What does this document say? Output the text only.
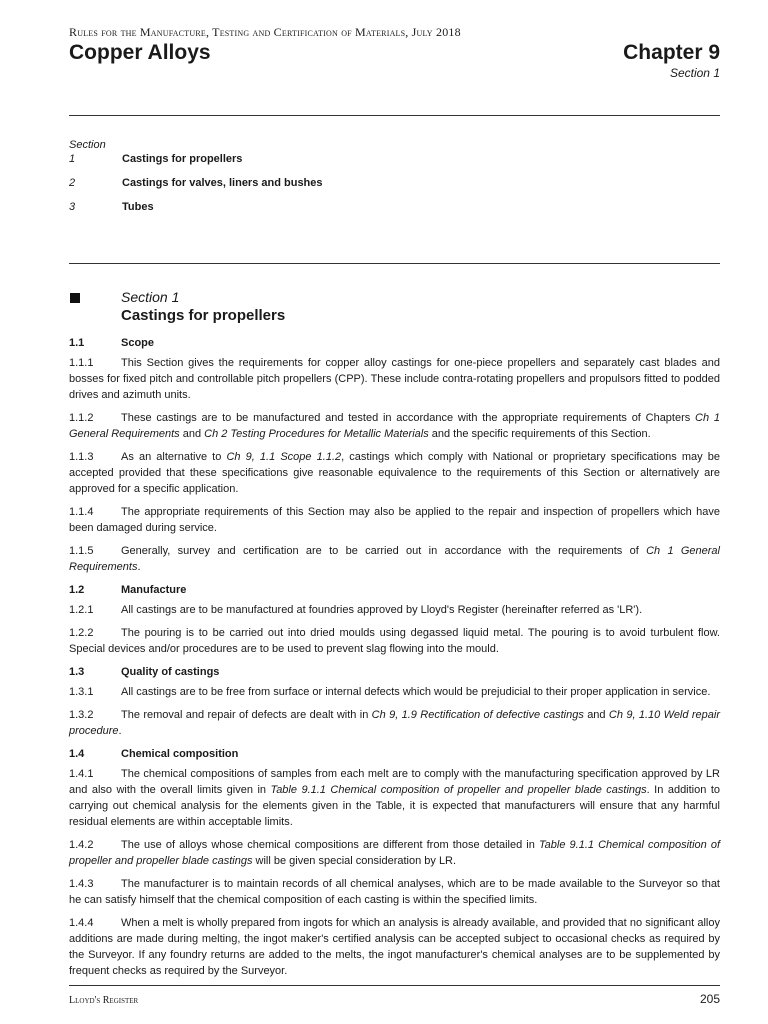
Rules for the Manufacture, Testing and Certification of Materials, July 2018
Copper Alloys	Chapter 9
Section 1
Section
1	Castings for propellers
2	Castings for valves, liners and bushes
3	Tubes
Section 1
Castings for propellers
1.1	Scope

1.1.1	This Section gives the requirements for copper alloy castings for one-piece propellers and separately cast blades and bosses for fixed pitch and controllable pitch propellers (CPP). These include contra-rotating propellers and propulsors fitted to podded drives and azimuth units.

1.1.2	These castings are to be manufactured and tested in accordance with the appropriate requirements of Chapters Ch 1 General Requirements and Ch 2 Testing Procedures for Metallic Materials and the specific requirements of this Section.

1.1.3	As an alternative to Ch 9, 1.1 Scope 1.1.2, castings which comply with National or proprietary specifications may be accepted provided that these specifications give reasonable equivalence to the requirements of this Section or alternatively are approved for a specific application.

1.1.4	The appropriate requirements of this Section may also be applied to the repair and inspection of propellers which have been damaged during service.

1.1.5	Generally, survey and certification are to be carried out in accordance with the requirements of Ch 1 General Requirements.

1.2	Manufacture

1.2.1	All castings are to be manufactured at foundries approved by Lloyd's Register (hereinafter referred as 'LR').

1.2.2	The pouring is to be carried out into dried moulds using degassed liquid metal. The pouring is to avoid turbulent flow. Special devices and/or procedures are to be used to prevent slag flowing into the mould.

1.3	Quality of castings

1.3.1	All castings are to be free from surface or internal defects which would be prejudicial to their proper application in service.

1.3.2	The removal and repair of defects are dealt with in Ch 9, 1.9 Rectification of defective castings and Ch 9, 1.10 Weld repair procedure.

1.4	Chemical composition

1.4.1	The chemical compositions of samples from each melt are to comply with the manufacturing specification approved by LR and also with the overall limits given in Table 9.1.1 Chemical composition of propeller and propeller blade castings. In addition to carrying out chemical analysis for the elements given in the Table, it is expected that manufacturers will ensure that any harmful residual elements are within acceptable limits.

1.4.2	The use of alloys whose chemical compositions are different from those detailed in Table 9.1.1 Chemical composition of propeller and propeller blade castings will be given special consideration by LR.

1.4.3	The manufacturer is to maintain records of all chemical analyses, which are to be made available to the Surveyor so that he can satisfy himself that the chemical composition of each casting is within the specified limits.

1.4.4	When a melt is wholly prepared from ingots for which an analysis is already available, and provided that no significant alloy additions are made during melting, the ingot maker's certified analysis can be accepted subject to occasional checks as required by the Surveyor. If any foundry returns are added to the melts, the ingot manufacturer's chemical analyses are to be supplemented by frequent checks as required by the Surveyor.

Lloyd's Register	205
